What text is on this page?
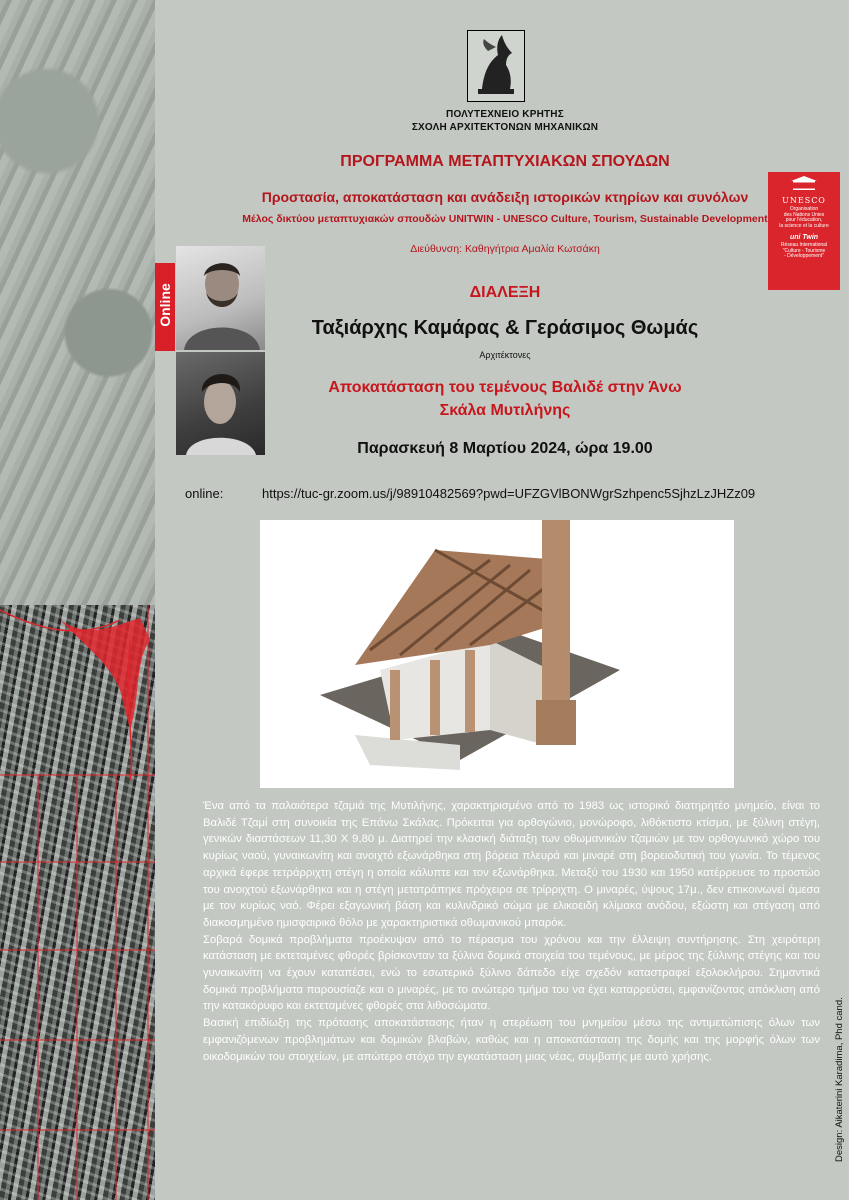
ΠΟΛΥΤΕΧΝΕΙΟ ΚΡΗΤΗΣ
ΣΧΟΛΗ ΑΡΧΙΤΕΚΤΟΝΩΝ ΜΗΧΑΝΙΚΩΝ
ΠΡΟΓΡΑΜΜΑ ΜΕΤΑΠΤΥΧΙΑΚΩΝ ΣΠΟΥΔΩΝ
Προστασία, αποκατάσταση και ανάδειξη ιστορικών κτηρίων και συνόλων
Μέλος δικτύου μεταπτυχιακών σπουδών UNITWIN - UNESCO Culture, Tourism, Sustainable Development
Διεύθυνση: Καθηγήτρια Αμαλία Κωτσάκη
UNESCO
Organisation
des Nations Unies
pour l'éducation,
la science et la culture
uni Twin
Réseau International
"Culture - Tourisme
- Développement"
Online	ΔΙΑΛΕΞΗ
Ταξιάρχης Καμάρας & Γεράσιμος Θωμάς
Αρχιτέκτονες
Αποκατάσταση του τεμένους Βαλιδέ στην Άνω
Σκάλα Μυτιλήνης
Παρασκευή 8 Μαρτίου 2024, ώρα 19.00
online:	https://tuc-gr.zoom.us/j/98910482569?pwd=UFZGVlBONWgrSzhpenc5SjhzLzJHZz09

Ένα από τα παλαιότερα τζαμιά της Μυτιλήνης, χαρακτηρισμένο από το 1983 ως ιστορικό διατηρητέο μνημείο, είναι το Βαλιδέ Τζαμί στη συνοικία της Επάνω Σκάλας. Πρόκειται για ορθογώνιο, μονώροφο, λιθόκτιστο κτίσμα, με ξύλινη στέγη, γενικών διαστάσεων 11,30 Χ 9,80 μ. Διατηρεί την κλασική διάταξη των οθωμανικών τζαμιών με τον ορθογωνικό χώρο του κυρίως ναού, γυναικωνίτη και ανοιχτό εξωνάρθηκα στη βόρεια πλευρά και μιναρέ στη βορειοδυτική του γωνία. Το τέμενος αρχικά έφερε τετράρριχτη στέγη η οποία κάλυπτε και τον εξωνάρθηκα. Μεταξύ του 1930 και 1950 κατέρρευσε το προστώο του ανοιχτού εξωνάρθηκα και η στέγη μετατράπηκε πρόχειρα σε τρίρριχτη. Ο μιναρές, ύψους 17μ., δεν επικοινωνεί άμεσα με τον κυρίως ναό. Φέρει εξαγωνική βάση και κυλινδρικό σώμα με ελικοειδή κλίμακα ανόδου, εξώστη και στέγαση από διακοσμημένο ημισφαιρικό θόλο με χαρακτηριστικά οθωμανικού μπαρόκ.

Σοβαρά δομικά προβλήματα προέκυψαν από το πέρασμα του χρόνου και την έλλειψη συντήρησης. Στη χειρότερη κατάσταση με εκτεταμένες φθορές βρίσκονταν τα ξύλινα δομικά στοιχεία του τεμένους, με μέρος της ξύλινης στέγης και του γυναικωνίτη να έχουν καταπέσει, ενώ το εσωτερικό ξύλινο δάπεδο είχε σχεδόν καταστραφεί εξολοκλήρου. Σημαντικά δομικά προβλήματα παρουσίαζε και ο μιναρές, με το ανώτερο τμήμα του να έχει καταρρεύσει, εμφανίζοντας απόκλιση από την κατακόρυφο και εκτεταμένες φθορές στα λιθοσώματα.

Βασική επιδίωξη της πρότασης αποκατάστασης ήταν η στερέωση του μνημείου μέσω της αντιμετώπισης όλων των εμφανιζόμενων προβλημάτων και δομικών βλαβών, καθώς και η αποκατάσταση της δομής και της μορφής όλων των οικοδομικών του στοιχείων, με απώτερο στόχο την εγκατάσταση μιας νέας, συμβατής με αυτό χρήσης.	Design: Aikaterini Karadima, Phd cand.
